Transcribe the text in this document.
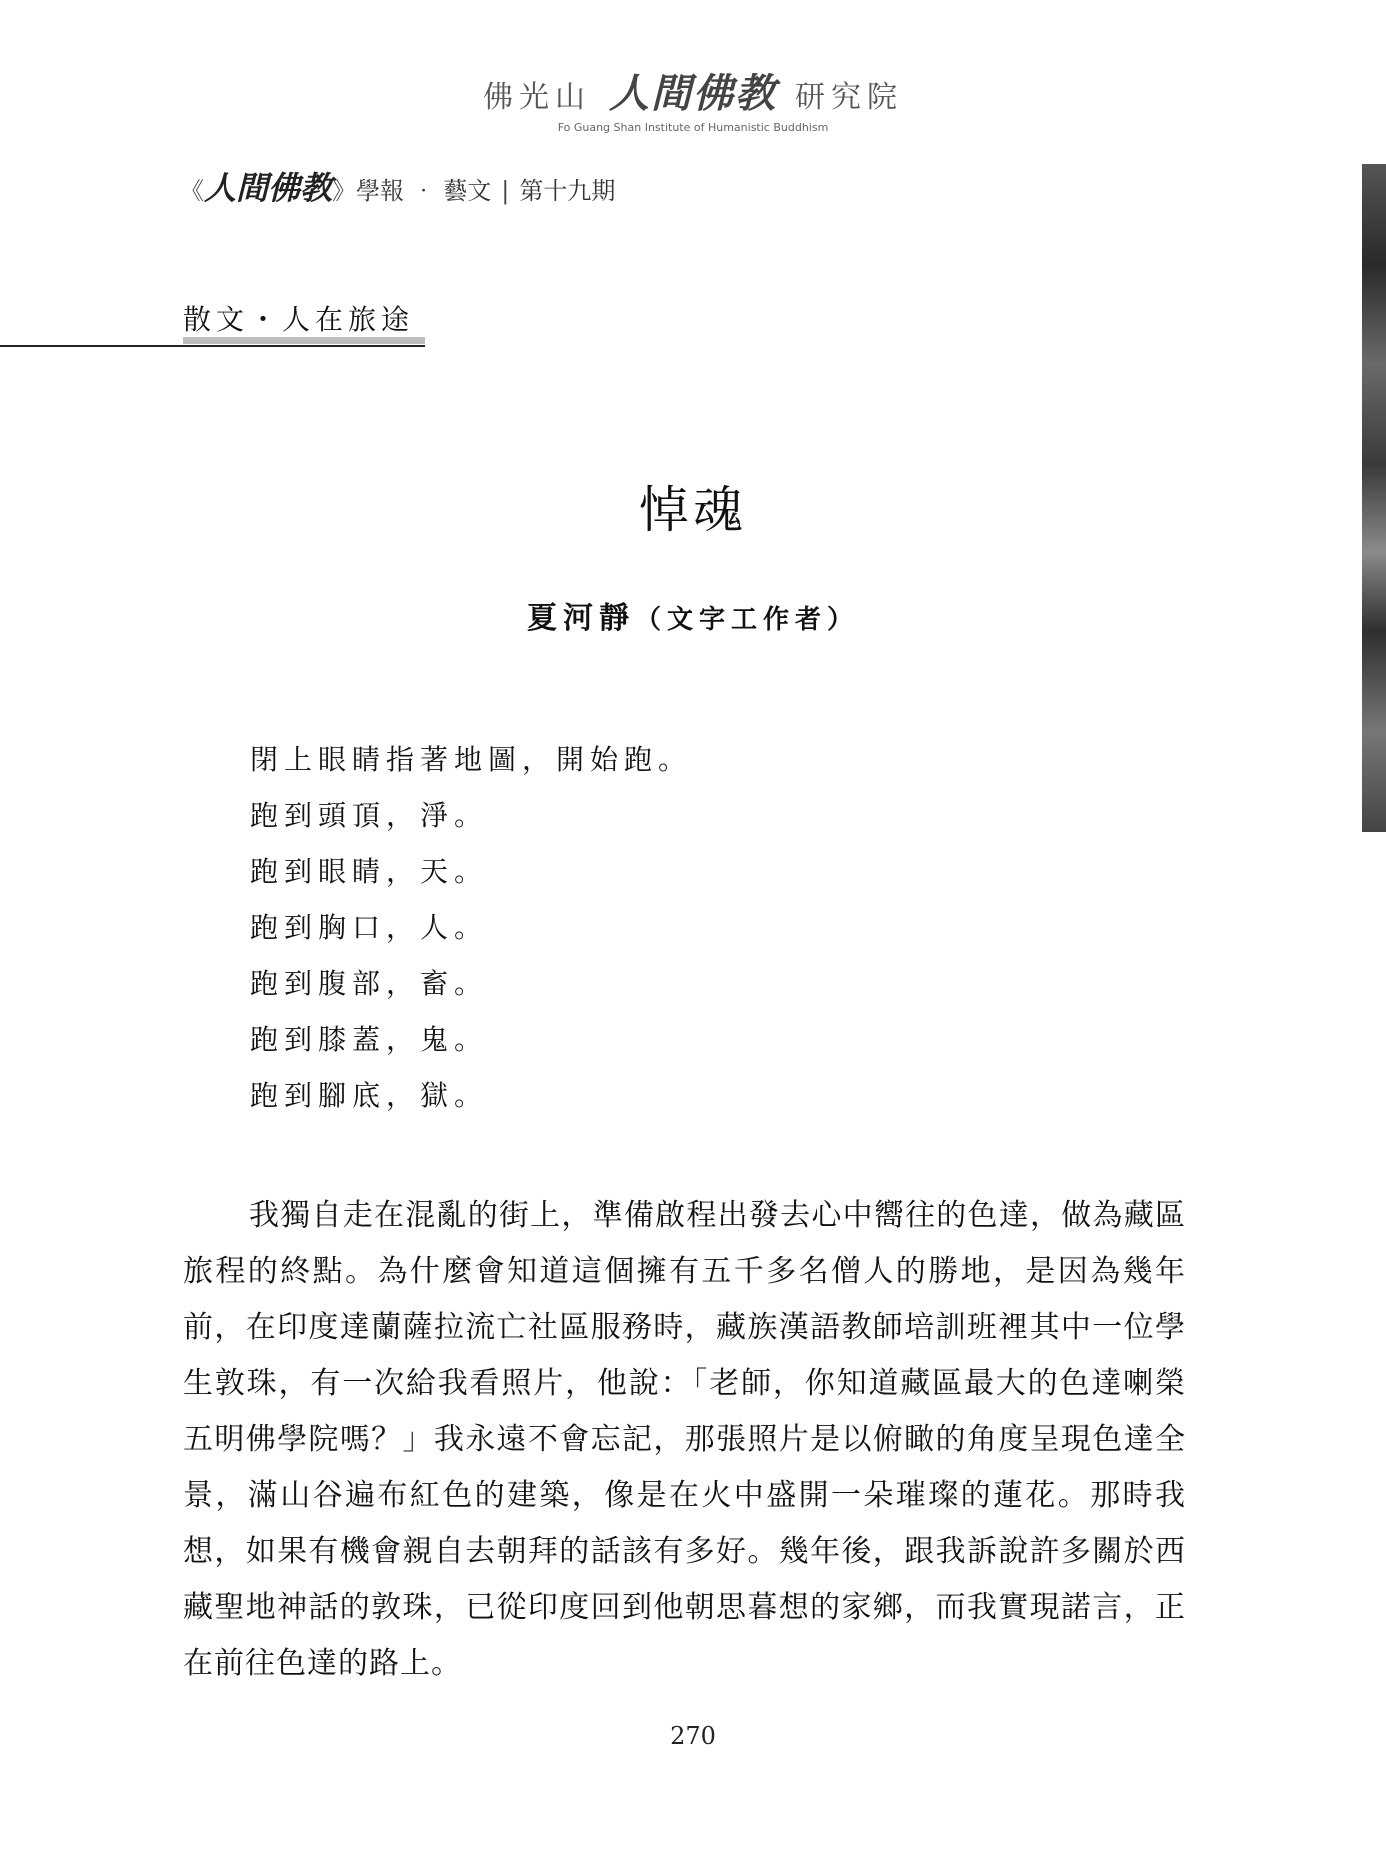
佛光山 人間佛教 研究院
Fo Guang Shan Institute of Humanistic Buddhism
《 人間佛教 》 學報 ‧ 藝文 | 第十九期
散文・人在旅途
悼魂
夏河靜（文字工作者）
閉上眼睛指著地圖，開始跑。
跑到頭頂，淨。
跑到眼睛，天。
跑到胸口，人。
跑到腹部，畜。
跑到膝蓋，鬼。
跑到腳底，獄。

我獨自走在混亂的街上，準備啟程出發去心中嚮往的色達，做為藏區旅程的終點。為什麼會知道這個擁有五千多名僧人的勝地，是因為幾年前，在印度達蘭薩拉流亡社區服務時，藏族漢語教師培訓班裡其中一位學生敦珠，有一次給我看照片，他說：「老師，你知道藏區最大的色達喇榮五明佛學院嗎？」我永遠不會忘記，那張照片是以俯瞰的角度呈現色達全景，滿山谷遍布紅色的建築，像是在火中盛開一朵璀璨的蓮花。那時我想，如果有機會親自去朝拜的話該有多好。幾年後，跟我訴說許多關於西藏聖地神話的敦珠，已從印度回到他朝思暮想的家鄉，而我實現諾言，正在前往色達的路上。

270
